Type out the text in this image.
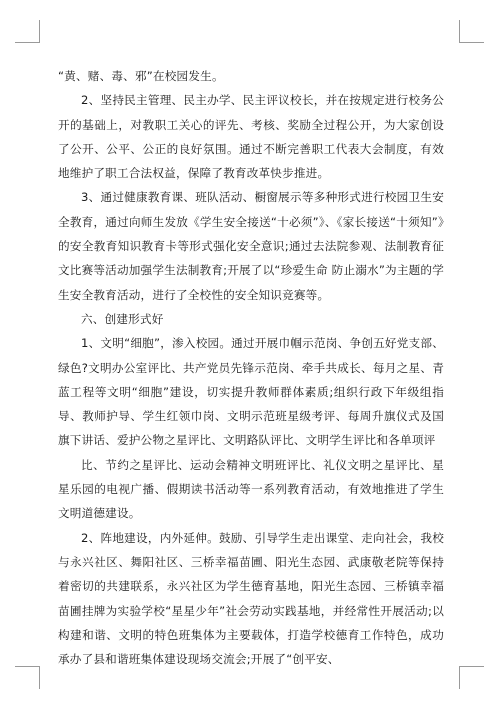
“黄、赌、毒、邪”在校园发生。

2、坚持民主管理、民主办学、民主评议校长，并在按规定进行校务公开的基础上，对教职工关心的评先、考核、奖励全过程公开，为大家创设了公开、公平、公正的良好氛围。通过不断完善职工代表大会制度，有效地维护了职工合法权益，保障了教育改革快步推进。

3、通过健康教育课、班队活动、橱窗展示等多种形式进行校园卫生安全教育，通过向师生发放《学生安全接送“十必须”》、《家长接送“十须知”》的安全教育知识教育卡等形式强化安全意识;通过去法院参观、法制教育征文比赛等活动加强学生法制教育;开展了以“珍爱生命 防止溺水”为主题的学生安全教育活动，进行了全校性的安全知识竞赛等。

六、创建形式好

1、文明“细胞”，渗入校园。通过开展巾帼示范岗、争创五好党支部、绿色?文明办公室评比、共产党员先锋示范岗、牵手共成长、每月之星、青蓝工程等文明“细胞”建设，切实提升教师群体素质;组织行政下年级组指导、教师护导、学生红领巾岗、文明示范班星级考评、每周升旗仪式及国旗下讲话、爱护公物之星评比、文明路队评比、文明学生评比和各单项评

比、节约之星评比、运动会精神文明班评比、礼仪文明之星评比、星星乐园的电视广播、假期读书活动等一系列教育活动，有效地推进了学生文明道德建设。

2、阵地建设，内外延伸。鼓励、引导学生走出课堂、走向社会，我校与永兴社区、舞阳社区、三桥幸福苗圃、阳光生态园、武康敬老院等保持着密切的共建联系，永兴社区为学生德育基地，阳光生态园、三桥镇幸福苗圃挂牌为实验学校“星星少年”社会劳动实践基地，并经常性开展活动;以构建和谐、文明的特色班集体为主要载体，打造学校德育工作特色，成功承办了县和谐班集体建设现场交流会;开展了“创平安、
